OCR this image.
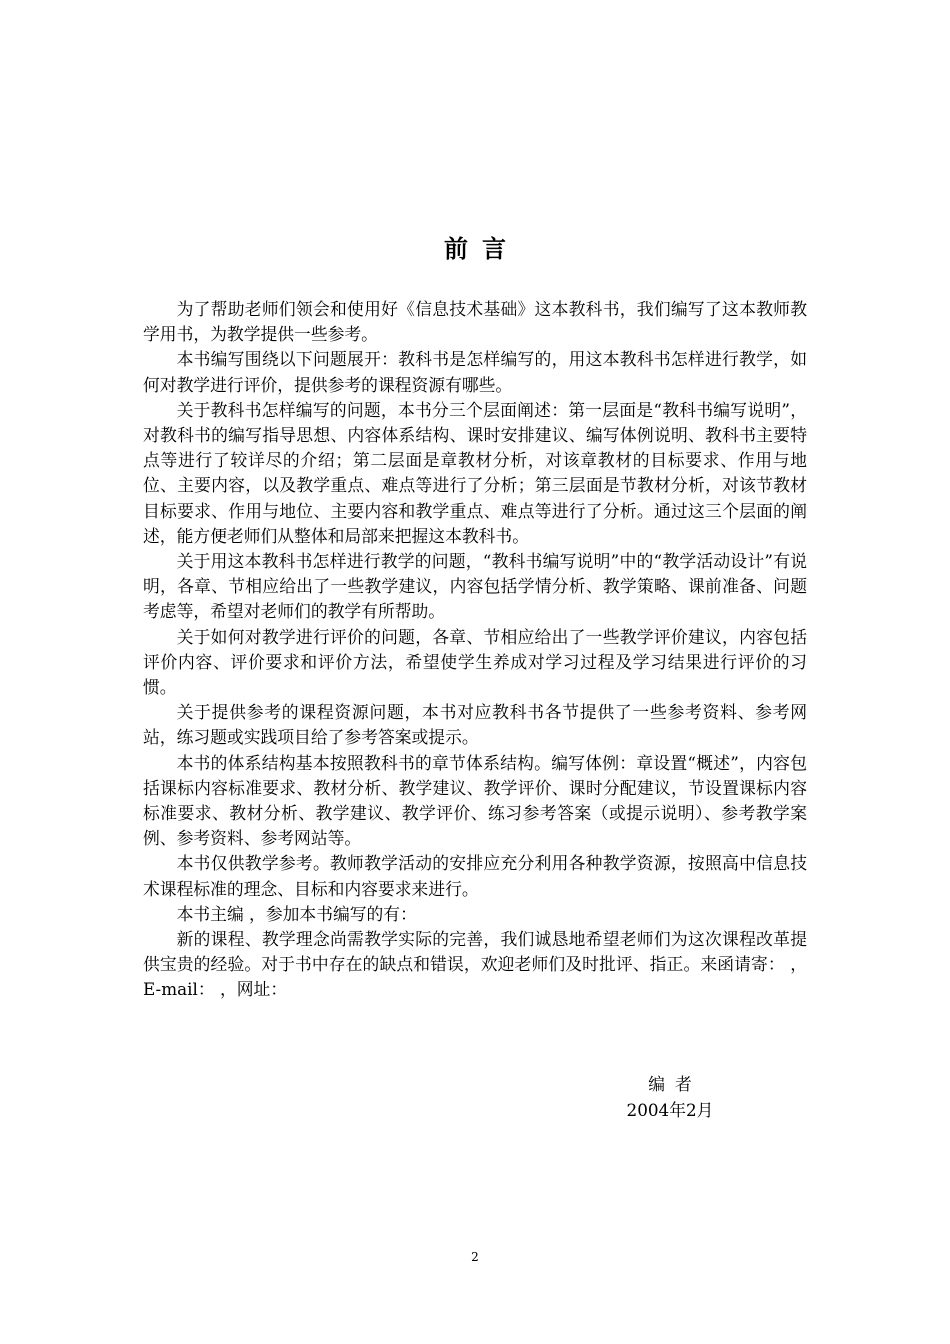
前言

为了帮助老师们领会和使用好《信息技术基础》这本教科书，我们编写了这本教师教学用书，为教学提供一些参考。

本书编写围绕以下问题展开：教科书是怎样编写的，用这本教科书怎样进行教学，如何对教学进行评价，提供参考的课程资源有哪些。

关于教科书怎样编写的问题，本书分三个层面阐述：第一层面是“教科书编写说明”，对教科书的编写指导思想、内容体系结构、课时安排建议、编写体例说明、教科书主要特点等进行了较详尽的介绍；第二层面是章教材分析，对该章教材的目标要求、作用与地位、主要内容，以及教学重点、难点等进行了分析；第三层面是节教材分析，对该节教材目标要求、作用与地位、主要内容和教学重点、难点等进行了分析。通过这三个层面的阐述，能方便老师们从整体和局部来把握这本教科书。

关于用这本教科书怎样进行教学的问题，“教科书编写说明”中的“教学活动设计”有说明，各章、节相应给出了一些教学建议，内容包括学情分析、教学策略、课前准备、问题考虑等，希望对老师们的教学有所帮助。

关于如何对教学进行评价的问题，各章、节相应给出了一些教学评价建议，内容包括评价内容、评价要求和评价方法，希望使学生养成对学习过程及学习结果进行评价的习惯。

关于提供参考的课程资源问题，本书对应教科书各节提供了一些参考资料、参考网站，练习题或实践项目给了参考答案或提示。

本书的体系结构基本按照教科书的章节体系结构。编写体例：章设置“概述”，内容包括课标内容标准要求、教材分析、教学建议、教学评价、课时分配建议，节设置课标内容标准要求、教材分析、教学建议、教学评价、练习参考答案（或提示说明）、参考教学案例、参考资料、参考网站等。

本书仅供教学参考。教师教学活动的安排应充分利用各种教学资源，按照高中信息技术课程标准的理念、目标和内容要求来进行。

本书主编 ，参加本书编写的有：

新的课程、教学理念尚需教学实际的完善，我们诚恳地希望老师们为这次课程改革提供宝贵的经验。对于书中存在的缺点和错误，欢迎老师们及时批评、指正。来函请寄： ，E-mail： ，网址：

编者
2004年2月
2
